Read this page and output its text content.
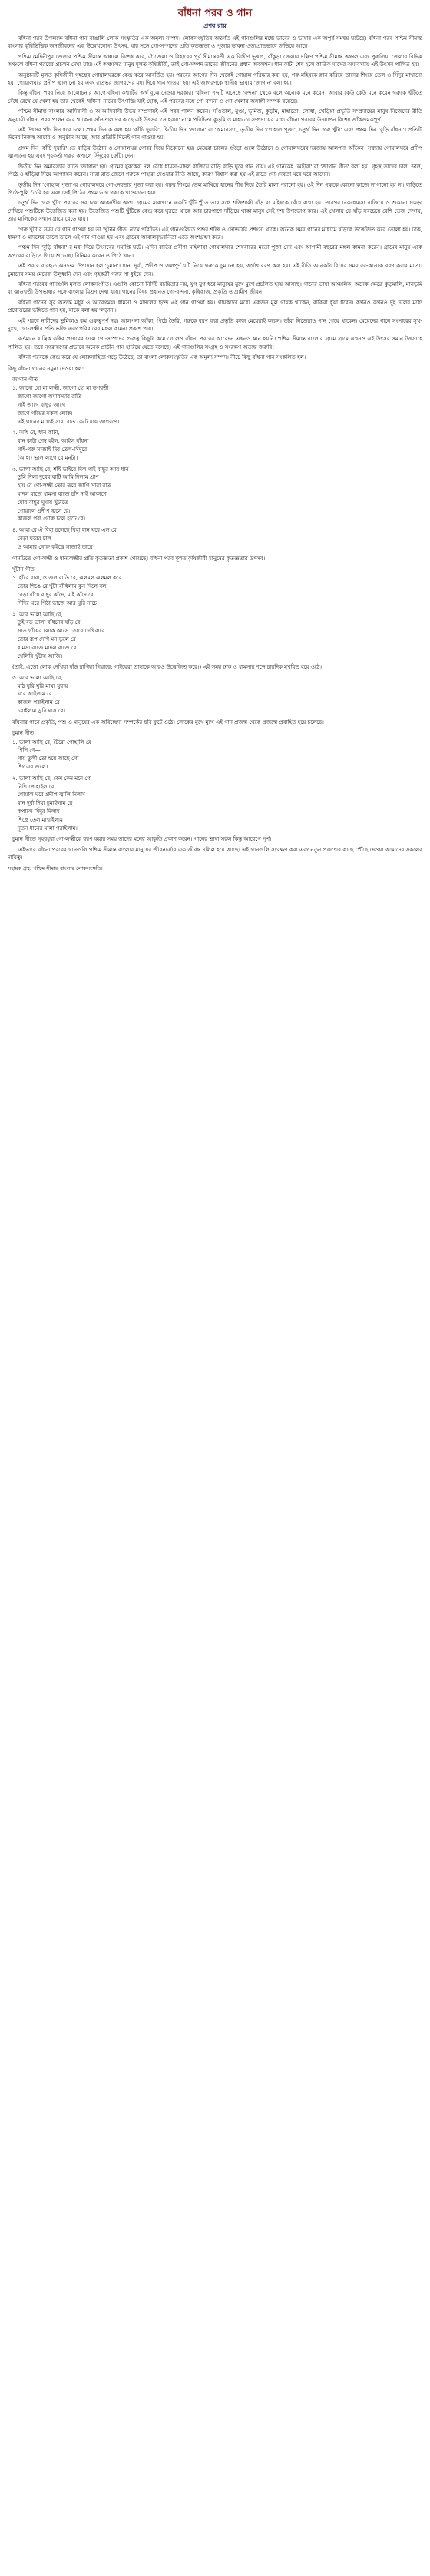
বাঁধনা পরব ও গান
প্রণব রায়
বাঁধনা পরব উপলক্ষে বাঁধনা গান বাঙালি লোক সংস্কৃতির এক অমূল্য সম্পদ। লোকসংস্কৃতির অন্তর্গত এই গানগুলির মধ্যে ভাবের ও ভাষার এক অপূর্ব সমন্বয় ঘটেছে। বাঁধনা পরব পশ্চিম সীমান্ত বাংলার কৃষিভিত্তিক জনজীবনের এক উল্লেখযোগ্য উৎসব, যার সঙ্গে গো-সম্পদের প্রতি কৃতজ্ঞতা ও পূজার ভাবনা ওতপ্রোতভাবে জড়িয়ে আছে।
পশ্চিম মেদিনীপুর জেলার পশ্চিম সীমান্ত অঞ্চলে বিশেষ করে, ঐ জেলা ও বিহারের পূর্ব সীমান্তবর্তী এক বিস্তীর্ণ ভূখণ্ড, বাঁকুড়া জেলার দক্ষিণ পশ্চিম সীমান্ত অঞ্চল এবং পুরুলিয়া জেলার বিভিন্ন অঞ্চলে বাঁধনা পরবের প্রচলন দেখা যায়। এই অঞ্চলের মানুষ মূলত কৃষিজীবী, তাই গো-সম্পদ তাদের জীবনের প্রধান অবলম্বন। ধান কাটা শেষ হলে কার্তিক মাসের অমাবস্যায় এই উৎসব পালিত হয়।
অনুষ্ঠানটি মূলত কৃষিজীবী গৃহস্থের গোয়ালঘরকে কেন্দ্র করে আবর্তিত হয়। পরবের আগের দিন থেকেই গোয়াল পরিষ্কার করা হয়, গরু-মহিষকে স্নান করিয়ে তাদের শিংয়ে তেল ও সিঁদুর মাখানো হয়। গোয়ালঘরে প্রদীপ জ্বালানো হয় এবং রাতভর জাগরণের মধ্য দিয়ে গান গাওয়া হয়। এই জাগরণকে স্থানীয় ভাষায় 'জাগান' বলা হয়।
কিন্তু বাঁধনা পরব নিয়ে আলোচনার আগে বাঁধনা কথাটির অর্থ বুঝে নেওয়া দরকার। 'বাঁধনা' শব্দটি এসেছে 'বন্দনা' থেকে বলে অনেকে মনে করেন। আবার কেউ কেউ মনে করেন গরুকে খুঁটিতে বেঁধে রেখে যে খেলা হয় তার থেকেই 'বাঁধনা' নামের উৎপত্তি। যাই হোক, এই পরবের সঙ্গে গো-বন্দনা ও গো-খেলার অঙ্গাঙ্গী সম্পর্ক রয়েছে।
পশ্চিম সীমান্ত বাংলার আদিবাসী ও অ-আদিবাসী উভয় সম্প্রদায়ই এই পরব পালন করেন। সাঁওতাল, মুণ্ডা, ভূমিজ, কুড়মি, মাহাতো, লোধা, খেড়িয়া প্রভৃতি সম্প্রদায়ের মানুষ নিজেদের রীতি অনুযায়ী বাঁধনা পরব পালন করে থাকেন। সাঁওতালদের কাছে এই উৎসব 'সোহরায়' নামে পরিচিত। কুড়মি ও মাহাতো সম্প্রদায়ের মধ্যে বাঁধনা পরবের উদযাপন বিশেষ জাঁকজমকপূর্ণ।
এই উৎসব পাঁচ দিন ধরে চলে। প্রথম দিনকে বলা হয় 'কাঁচি দুয়ারি', দ্বিতীয় দিন 'জাগান' বা 'অমাবস্যা', তৃতীয় দিন 'গোহাল পূজা', চতুর্থ দিন 'গরু খুঁটা' এবং পঞ্চম দিন 'বুড়ি বাঁধনা'। প্রতিটি দিনের নিজস্ব আচার ও অনুষ্ঠান আছে, আর প্রতিটি দিনেই গান গাওয়া হয়।
প্রথম দিন 'কাঁচি দুয়ারি'-তে বাড়ির উঠোন ও গোয়ালঘর গোবর দিয়ে নিকোনো হয়। মেয়েরা চালের গুঁড়ো গুলে উঠোনে ও গোয়ালঘরের দরজায় আলপনা আঁকেন। সন্ধ্যায় গোয়ালঘরে প্রদীপ জ্বালানো হয় এবং গৃহকর্তা গরুর কপালে সিঁদুরের ফোঁটা দেন।
দ্বিতীয় দিন অমাবস্যার রাতে 'জাগান' হয়। গ্রামের যুবকেরা দল বেঁধে ধামসা-মাদল বাজিয়ে বাড়ি বাড়ি ঘুরে গান গায়। এই গানকেই 'অহীরা' বা 'জাগান গীত' বলা হয়। গৃহস্থ তাদের চাল, ডাল, পিঠে ও হাঁড়িয়া দিয়ে আপ্যায়ন করেন। সারা রাত জেগে গরুকে পাহারা দেওয়ার রীতি আছে, কারণ বিশ্বাস করা হয় এই রাতে গো-দেবতা ঘরে ঘরে আসেন।
তৃতীয় দিন 'গোহাল পূজা'-য় গোয়ালঘরে গো-দেবতার পূজা করা হয়। গরুর শিংয়ে তেল মাখিয়ে ধানের শীষ দিয়ে তৈরি মালা পরানো হয়। ওই দিন গরুকে কোনো কাজে লাগানো হয় না। বাড়িতে পিঠে-পুলি তৈরি হয় এবং সেই পিঠের প্রথম ভাগ গরুকে খাওয়ানো হয়।
চতুর্থ দিন 'গরু খুঁটা' পরবের সবচেয়ে আকর্ষণীয় অংশ। গ্রামের মাঝখানে একটি খুঁটি পুঁতে তার সঙ্গে শক্তিশালী ষাঁড় বা মহিষকে বেঁধে রাখা হয়। তারপর ঢাক-ধামসা বাজিয়ে ও শুকনো চামড়া দেখিয়ে পশুটিকে উত্তেজিত করা হয়। উত্তেজিত পশুটি খুঁটিকে কেন্দ্র করে ঘুরতে থাকে আর চারপাশে দাঁড়িয়ে থাকা মানুষ সেই দৃশ্য উপভোগ করে। এই খেলায় যে ষাঁড় সবচেয়ে বেশি তেজ দেখায়, তার মালিকের সম্মান গ্রামে বেড়ে যায়।
'গরু খুঁটা'র সময় যে গান গাওয়া হয় তা 'খুঁটান গীত' নামে পরিচিত। এই গানগুলিতে পশুর শক্তি ও সৌন্দর্যের প্রশংসা থাকে। অনেক সময় গানের মাধ্যমে ষাঁড়কে উত্তেজিত করে তোলা হয়। ঢাক, ধামসা ও মাদলের তালে তালে এই গান গাওয়া হয় এবং গ্রামের আবালবৃদ্ধবনিতা এতে অংশগ্রহণ করে।
পঞ্চম দিন 'বুড়ি বাঁধনা'-র মধ্য দিয়ে উৎসবের সমাপ্তি ঘটে। এদিন বাড়ির প্রবীণা মহিলারা গোয়ালঘরে শেষবারের মতো পূজা দেন এবং আগামী বছরের মঙ্গল কামনা করেন। গ্রামের মানুষ একে অপরের বাড়িতে গিয়ে শুভেচ্ছা বিনিময় করেন ও পিঠে খান।
এই পরবে ব্যবহৃত অন্যতম উপাদান হল 'চুমান'। ধান, দূর্বা, প্রদীপ ও জলপূর্ণ ঘটি নিয়ে গরুকে চুমানো হয়, অর্থাৎ বরণ করা হয়। এই রীতি অনেকটা বিয়ের সময় বর-কনেকে বরণ করার মতো। চুমানের সময় মেয়েরা উলুধ্বনি দেন এবং গৃহকর্ত্রী গরুর পা ধুইয়ে দেন।
বাঁধনা পরবের গানগুলি মূলত লোকসংগীত। এগুলি কোনো নির্দিষ্ট রচয়িতার নয়, যুগ যুগ ধরে মানুষের মুখে মুখে প্রচলিত হয়ে আসছে। গানের ভাষা আঞ্চলিক, অনেক ক্ষেত্রে কুড়মালি, মানভূমি বা ঝাড়খণ্ডী উপভাষার সঙ্গে বাংলার মিশ্রণ দেখা যায়। গানের বিষয় প্রধানত গো-বন্দনা, কৃষিকাজ, প্রকৃতি ও গ্রামীণ জীবন।
বাঁধনা গানের সুর অত্যন্ত মধুর ও আবেগময়। ধামসা ও মাদলের ছন্দে এই গান গাওয়া হয়। গায়কদের মধ্যে একজন মূল গায়ক থাকেন, বাকিরা ধুয়া ধরেন। কখনও কখনও দুই দলের মধ্যে প্রশ্নোত্তরের ভঙ্গিতে গান হয়, যাকে বলা হয় 'লড়ান'।
এই পরবে নারীদের ভূমিকাও কম গুরুত্বপূর্ণ নয়। আলপনা আঁকা, পিঠে তৈরি, গরুকে বরণ করা প্রভৃতি কাজ মেয়েরাই করেন। তাঁরা নিজেরাও গান গেয়ে থাকেন। মেয়েদের গানে সংসারের সুখ-দুঃখ, গো-লক্ষ্মীর প্রতি ভক্তি এবং পরিবারের মঙ্গল কামনা প্রকাশ পায়।
বর্তমানে যান্ত্রিক কৃষির প্রসারের ফলে গো-সম্পদের গুরুত্ব কিছুটা কমে গেলেও বাঁধনা পরবের আবেদন এখনও ম্লান হয়নি। পশ্চিম সীমান্ত বাংলার গ্রামে গ্রামে এখনও এই উৎসব সমান উৎসাহে পালিত হয়। তবে নগরায়ণের প্রভাবে অনেক প্রাচীন গান হারিয়ে যেতে বসেছে। এই গানগুলির সংগ্রহ ও সংরক্ষণ অত্যন্ত জরুরি।
বাঁধনা পরবকে কেন্দ্র করে যে লোকসাহিত্য গড়ে উঠেছে, তা বাংলা লোকসংস্কৃতির এক অমূল্য সম্পদ। নীচে কিছু বাঁধনা গান সংকলিত হল।
কিছু বাঁধনা গানের নমুনা দেওয়া হল:
জাগান গীত
১. জাগো হো মা লক্ষ্মী, জাগো হো মা ভগবতী
জাগো জাগো অমাবস্যার রাতি
গাই জাগে বাছুর জাগে
জাগে গাঁয়ের সকল লোক।
এই গানের মধ্যেই সারা রাত কেটে যায় জাগরণে।
২. অহি রে, ধান কাটা,
ধান কাটা শেষ হইল, আইল বাঁধনা
গাই-গরু সাজাই দিব তেল-সিঁদুরে—
(আহা) ভাল লাগে রে মনটা।
৩. ভালা আছি রে, শাঁই ভাইরে দিল গাই বাছুর আর ধান
তুমি দিলা দুধের বাটি আমি দিলাম প্রাণ
হায় রে গো-লক্ষ্মী তোর তরে জাগি সারা রাত
মাদল বাজে ধামসা বাজে চাঁদ নাই আকাশে
মোর বাছুর ঘুমায় খুঁটাতে
গোয়ালে প্রদীপ জ্বলে রে।
কাজল পরা গোরু চলে হাটে রে।
৪. আহা রে ঐ বিহা চলেছে বিহা ধান ঘরে এল রে
বেড়া ঘরের চাল
ও আমার গোরু কইত্তে সাজাই তারে।
গানটিতে গো-লক্ষ্মী ও ধান্যলক্ষ্মীর প্রতি কৃতজ্ঞতা প্রকাশ পেয়েছে। বাঁধনা পরব মূলত কৃষিজীবী মানুষের কৃতজ্ঞতার উৎসব।
খুঁটান গীত
১. হাঁরে বাবা, ও জলাবাতি রে, ঝলমল ঝলমল করে
তোর শিঙে রে খুঁটা বাঁধিলাম কুন দিলে বল
বেড়া বাঁধে বাছুর কাঁদে, মাই কাঁদে রে
দিদির ঘরে পিঠা ভাজে আর ঘুরি নাচে।
২. আর ভালা আছি রে,
তুই বড় ভালা বাঁধনের ষাঁড় রে
সাত গাঁয়ের লোক আসে তোরে দেখিবারে
তোর রূপ দেখি মন ভুলে রে
ধামসা বাজে মাদল বাজে রে
খেলিবি খুঁটায় আজি।
(তাই, এতো লোক দেখিয়া ষাঁড় রাগিয়া গিয়াছে; গাইয়েরা তাহাকে আরও উত্তেজিত করে।) এই সময় ঢাক ও ধামসার শব্দে চারদিক মুখরিত হয়ে ওঠে।
৩. আর ভালা আছি রে,
মাঠ ঘুরি ঘুরি মাথা ঘুরায়
ঘরে আইলাম রে
কাজল পরাইলাম রে
চরাইলাম ডুরি ঘাস রে।
বাঁধনার গানে প্রকৃতি, পশু ও মানুষের এক অবিচ্ছেদ্য সম্পর্কের ছবি ফুটে ওঠে। লোকের মুখে মুখে এই গান প্রজন্ম থেকে প্রজন্মে প্রবাহিত হয়ে চলেছে।
চুমান গীত
১. ভালা আছি রে, টৈরো পোহালি রে
পিসি গে—
গায় তুলী তো হয়ে আছে গো
শিং এর জলে।
২. ভালা আছি রে, কেম কেম মনে গে
নিশি পোহাইল রে
গোয়াল ঘরে প্রদীপ জ্বালি দিলাম
ধান দূর্বা দিয়া চুমাইলাম রে
কপালে সিঁদুর দিলাম
শিঙে তেল মাখাইলাম
নূতন ধানের মালা পরাইলাম।
চুমান গীতে গৃহবধূরা গো-লক্ষ্মীকে বরণ করার সময় তাদের মনের আকুতি প্রকাশ করেন। গানের ভাষা সরল কিন্তু আবেগে পূর্ণ।
এইভাবে বাঁধনা পরবের গানগুলি পশ্চিম সীমান্ত বাংলার মানুষের জীবনচর্যার এক জীবন্ত দলিল হয়ে আছে। এই গানগুলি সংরক্ষণ করা এবং নতুন প্রজন্মের কাছে পৌঁছে দেওয়া আমাদের সকলের দায়িত্ব।
সহায়ক গ্রন্থ: পশ্চিম সীমান্ত বাংলার লোকসংস্কৃতি।
